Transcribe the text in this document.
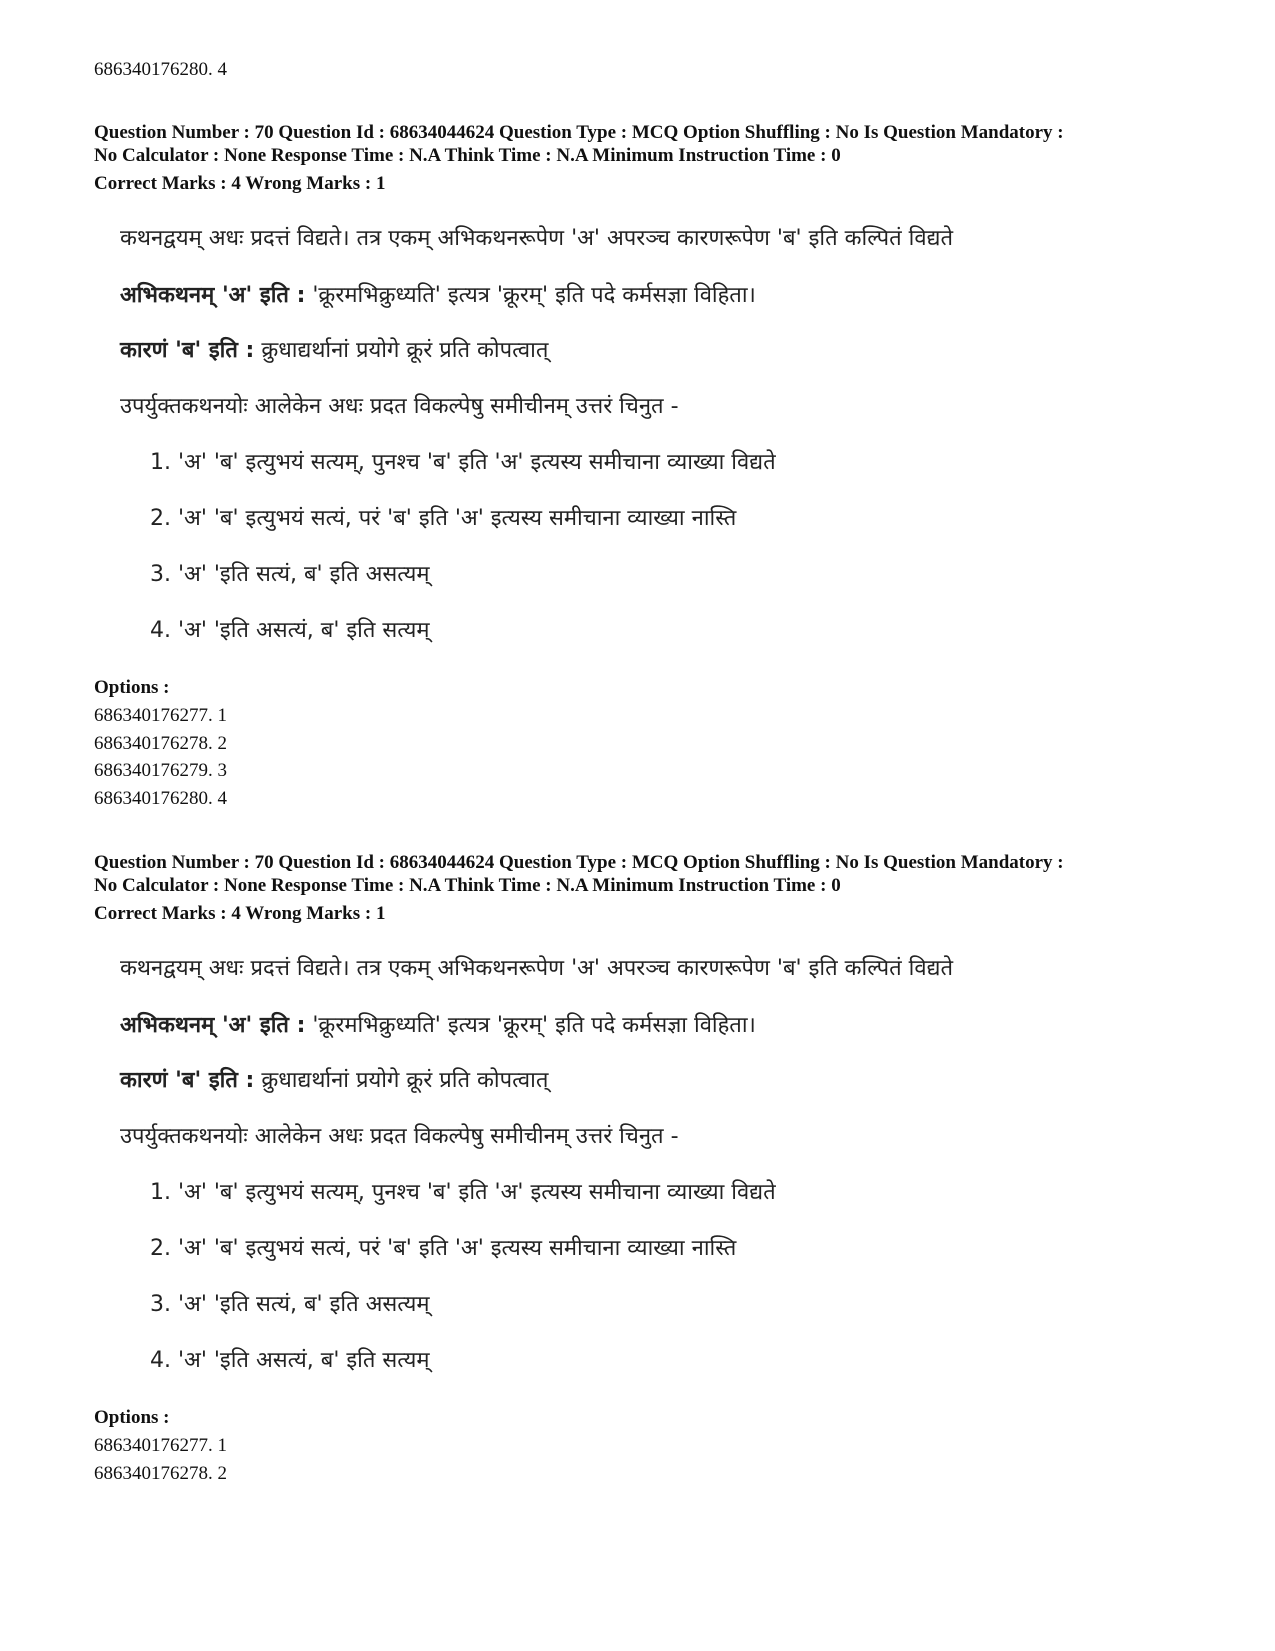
686340176280. 4
Question Number : 70 Question Id : 68634044624 Question Type : MCQ Option Shuffling : No Is Question Mandatory :
No Calculator : None Response Time : N.A Think Time : N.A Minimum Instruction Time : 0
Correct Marks : 4 Wrong Marks : 1
कथनद्वयम् अधः प्रदत्तं विद्यते। तत्र एकम् अभिकथनरूपेण 'अ' अपरञ्च कारणरूपेण 'ब' इति कल्पितं विद्यते
अभिकथनम् 'अ' इति : 'क्रूरमभिक्रुध्यति' इत्यत्र 'क्रूरम्' इति पदे कर्मसज्ञा विहिता।
कारणं 'ब' इति : क्रुधाद्यर्थानां प्रयोगे क्रूरं प्रति कोपत्वात्
उपर्युक्तकथनयोः आलेकेन अधः प्रदत विकल्पेषु समीचीनम् उत्तरं चिनुत -
1. 'अ' 'ब' इत्युभयं सत्यम्, पुनश्च 'ब' इति 'अ' इत्यस्य समीचाना व्याख्या विद्यते
2. 'अ' 'ब' इत्युभयं सत्यं, परं 'ब' इति 'अ' इत्यस्य समीचाना व्याख्या नास्ति
3. 'अ' 'इति सत्यं, ब' इति असत्यम्
4. 'अ' 'इति असत्यं, ब' इति सत्यम्
Options :
686340176277. 1
686340176278. 2
686340176279. 3
686340176280. 4
Question Number : 70 Question Id : 68634044624 Question Type : MCQ Option Shuffling : No Is Question Mandatory :
No Calculator : None Response Time : N.A Think Time : N.A Minimum Instruction Time : 0
Correct Marks : 4 Wrong Marks : 1
कथनद्वयम् अधः प्रदत्तं विद्यते। तत्र एकम् अभिकथनरूपेण 'अ' अपरञ्च कारणरूपेण 'ब' इति कल्पितं विद्यते
अभिकथनम् 'अ' इति : 'क्रूरमभिक्रुध्यति' इत्यत्र 'क्रूरम्' इति पदे कर्मसज्ञा विहिता।
कारणं 'ब' इति : क्रुधाद्यर्थानां प्रयोगे क्रूरं प्रति कोपत्वात्
उपर्युक्तकथनयोः आलेकेन अधः प्रदत विकल्पेषु समीचीनम् उत्तरं चिनुत -
1. 'अ' 'ब' इत्युभयं सत्यम्, पुनश्च 'ब' इति 'अ' इत्यस्य समीचाना व्याख्या विद्यते
2. 'अ' 'ब' इत्युभयं सत्यं, परं 'ब' इति 'अ' इत्यस्य समीचाना व्याख्या नास्ति
3. 'अ' 'इति सत्यं, ब' इति असत्यम्
4. 'अ' 'इति असत्यं, ब' इति सत्यम्
Options :
686340176277. 1
686340176278. 2
